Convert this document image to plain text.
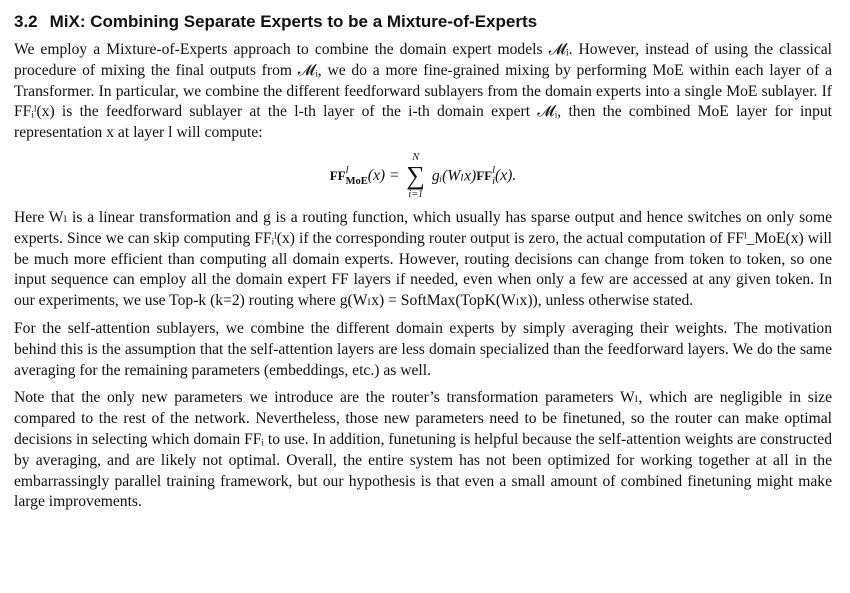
3.2 MiX: Combining Separate Experts to be a Mixture-of-Experts

We employ a Mixture-of-Experts approach to combine the domain expert models 𝓜ᵢ. However, instead of using the classical procedure of mixing the final outputs from 𝓜ᵢ, we do a more fine-grained mixing by performing MoE within each layer of a Transformer. In particular, we combine the different feedforward sublayers from the domain experts into a single MoE sublayer. If FFᵢˡ(x) is the feedforward sublayer at the l-th layer of the i-th domain expert 𝓜ᵢ, then the combined MoE layer for input representation x at layer l will compute:

FF l
MoE (x) =
N
∑
i=1
gᵢ(Wₗx)FF l
i (x).

Here Wₗ is a linear transformation and g is a routing function, which usually has sparse output and hence switches on only some experts. Since we can skip computing FFᵢˡ(x) if the corresponding router output is zero, the actual computation of FFˡ_MoE(x) will be much more efficient than computing all domain experts. However, routing decisions can change from token to token, so one input sequence can employ all the domain expert FF layers if needed, even when only a few are accessed at any given token. In our experiments, we use Top-k (k=2) routing where g(Wₗx) = SoftMax(TopK(Wₗx)), unless otherwise stated.

For the self-attention sublayers, we combine the different domain experts by simply averaging their weights. The motivation behind this is the assumption that the self-attention layers are less domain specialized than the feedforward layers. We do the same averaging for the remaining parameters (embeddings, etc.) as well.

Note that the only new parameters we introduce are the router’s transformation parameters Wₗ, which are negligible in size compared to the rest of the network. Nevertheless, those new parameters need to be finetuned, so the router can make optimal decisions in selecting which domain FFᵢ to use. In addition, funetuning is helpful because the self-attention weights are constructed by averaging, and are likely not optimal. Overall, the entire system has not been optimized for working together at all in the embarrassingly parallel training framework, but our hypothesis is that even a small amount of combined finetuning might make large improvements.
